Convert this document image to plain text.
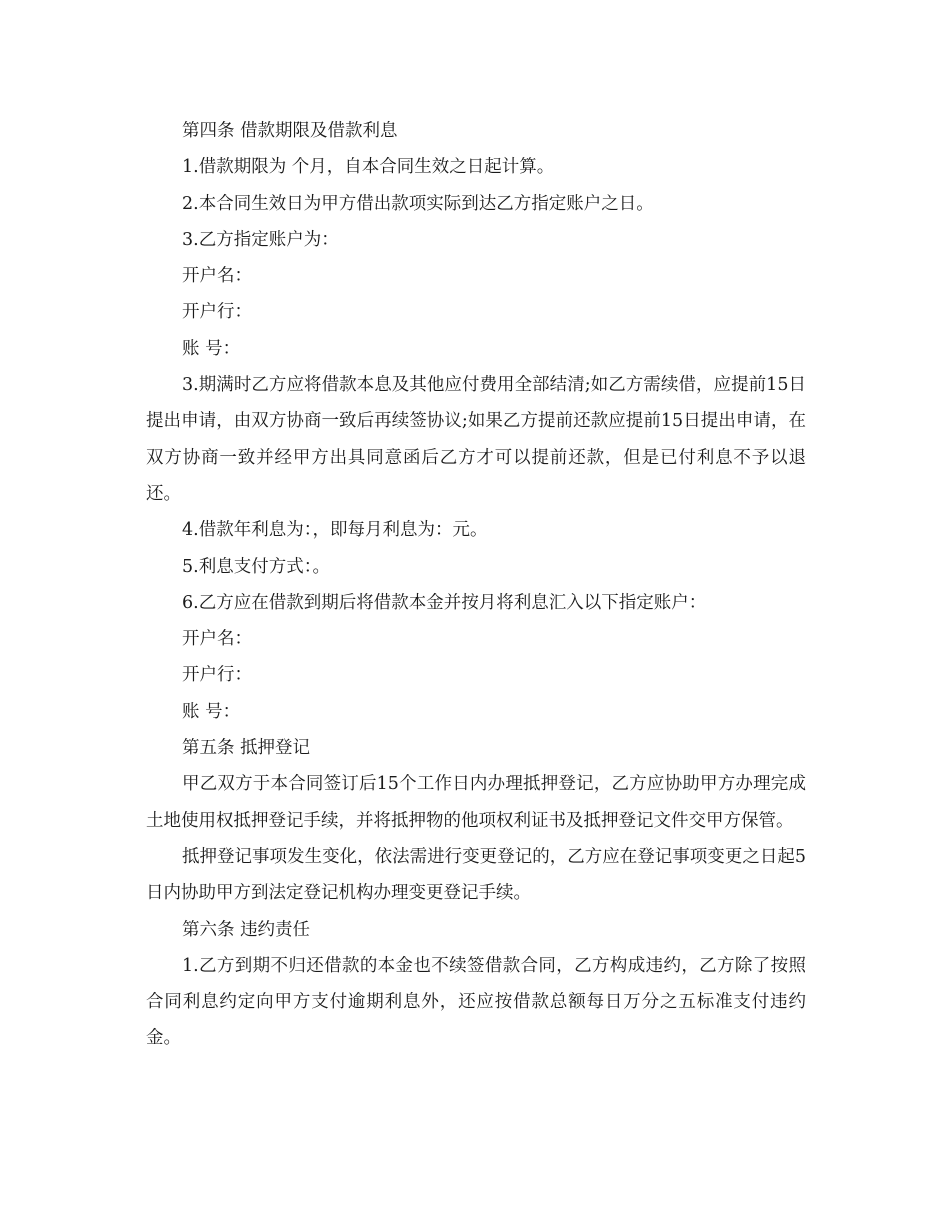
第四条 借款期限及借款利息

1.借款期限为 个月，自本合同生效之日起计算。

2.本合同生效日为甲方借出款项实际到达乙方指定账户之日。

3.乙方指定账户为：

开户名：

开户行：

账 号：

3.期满时乙方应将借款本息及其他应付费用全部结清;如乙方需续借，应提前15日提出申请，由双方协商一致后再续签协议;如果乙方提前还款应提前15日提出申请，在双方协商一致并经甲方出具同意函后乙方才可以提前还款，但是已付利息不予以退还。

4.借款年利息为：，即每月利息为：元。

5.利息支付方式：。

6.乙方应在借款到期后将借款本金并按月将利息汇入以下指定账户：

开户名：

开户行：

账 号：

第五条 抵押登记

甲乙双方于本合同签订后15个工作日内办理抵押登记，乙方应协助甲方办理完成土地使用权抵押登记手续，并将抵押物的他项权利证书及抵押登记文件交甲方保管。

抵押登记事项发生变化，依法需进行变更登记的，乙方应在登记事项变更之日起5日内协助甲方到法定登记机构办理变更登记手续。

第六条 违约责任

1.乙方到期不归还借款的本金也不续签借款合同，乙方构成违约，乙方除了按照合同利息约定向甲方支付逾期利息外，还应按借款总额每日万分之五标准支付违约金。
